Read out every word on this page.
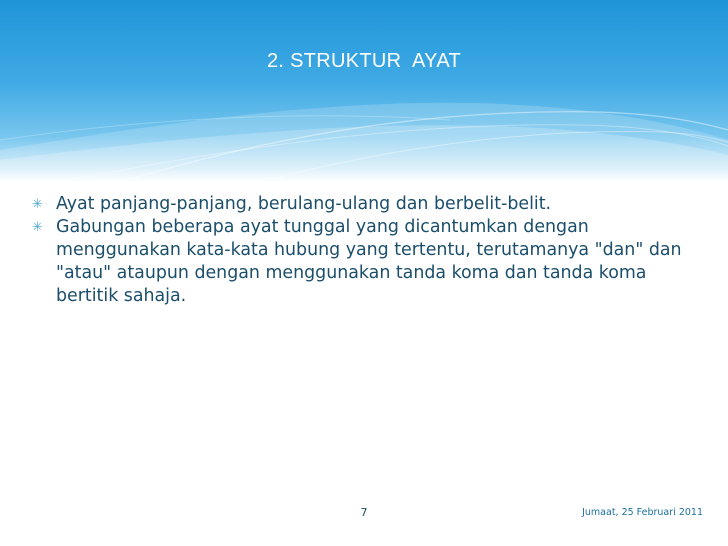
2. STRUKTUR  AYAT
✳ Ayat panjang-panjang, berulang-ulang dan berbelit-belit.
✳ Gabungan beberapa ayat tunggal yang dicantumkan dengan menggunakan kata-kata hubung yang tertentu, terutamanya "dan" dan "atau" ataupun dengan menggunakan tanda koma dan tanda koma bertitik sahaja.
7	Jumaat, 25 Februari 2011
